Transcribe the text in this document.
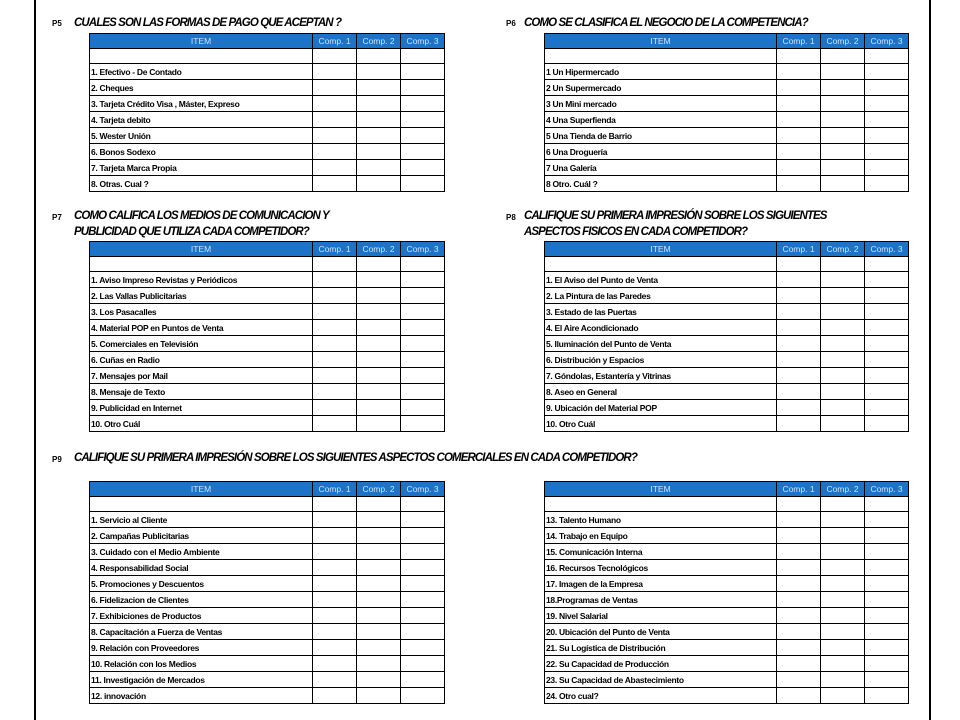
P5 CUALES SON LAS FORMAS DE PAGO QUE ACEPTAN ?
ITEM	Comp. 1	Comp. 2	Comp. 3

1. Efectivo - De Contado			
2. Cheques			
3. Tarjeta Crédito Visa , Máster, Expreso			
4. Tarjeta debito			
5. Wester Unión			
6. Bonos Sodexo			
7. Tarjeta Marca Propia			
8. Otras. Cual ?			
P6 COMO SE CLASIFICA EL NEGOCIO DE LA COMPETENCIA?
ITEM	Comp. 1	Comp. 2	Comp. 3

1 Un Hipermercado			
2 Un Supermercado			
3 Un Mini mercado			
4 Una Superfienda			
5 Una Tienda de Barrio			
6 Una Droguería			
7 Una Galería			
8 Otro. Cuál ?			
P7 COMO CALIFICA LOS MEDIOS DE COMUNICACION Y
PUBLICIDAD QUE UTILIZA CADA COMPETIDOR?
ITEM	Comp. 1	Comp. 2	Comp. 3

1. Aviso Impreso Revistas y Periódicos			
2. Las Vallas Publicitarias			
3. Los Pasacalles			
4. Material POP en Puntos de Venta			
5. Comerciales en Televisión			
6. Cuñas en Radio			
7. Mensajes por Mail			
8. Mensaje de Texto			
9. Publicidad en Internet			
10. Otro Cuál			
P8 CALIFIQUE SU PRIMERA IMPRESIÓN SOBRE LOS SIGUIENTES
ASPECTOS FISICOS EN CADA COMPETIDOR?
ITEM	Comp. 1	Comp. 2	Comp. 3

1. El Aviso del Punto de Venta			
2. La Pintura de las Paredes			
3. Estado de las Puertas			
4. El Aire Acondicionado			
5. Iluminación del Punto de Venta			
6. Distribución y Espacios			
7. Góndolas, Estantería y Vitrinas			
8. Aseo en General			
9. Ubicación del Material POP			
10. Otro Cuál			
P9 CALIFIQUE SU PRIMERA IMPRESIÓN SOBRE LOS SIGUIENTES ASPECTOS COMERCIALES EN CADA COMPETIDOR?
ITEM	Comp. 1	Comp. 2	Comp. 3

1. Servicio al Cliente			
2. Campañas Publicitarias			
3. Cuidado con el Medio Ambiente			
4. Responsabilidad Social			
5. Promociones y Descuentos			
6. Fidelizacion de Clientes			
7. Exhibiciones de Productos			
8. Capacitación a Fuerza de Ventas			
9. Relación con Proveedores			
10. Relación con los Medios			
11. Investigación de Mercados			
12. innovación			
ITEM	Comp. 1	Comp. 2	Comp. 3

13. Talento Humano			
14. Trabajo en Equipo			
15. Comunicación Interna			
16. Recursos Tecnológicos			
17. Imagen de la Empresa			
18.Programas de Ventas			
19. Nivel Salarial			
20. Ubicación del Punto de Venta			
21. Su Logística de Distribución			
22. Su Capacidad de Producción			
23. Su Capacidad de Abastecimiento			
24. Otro cual?			
